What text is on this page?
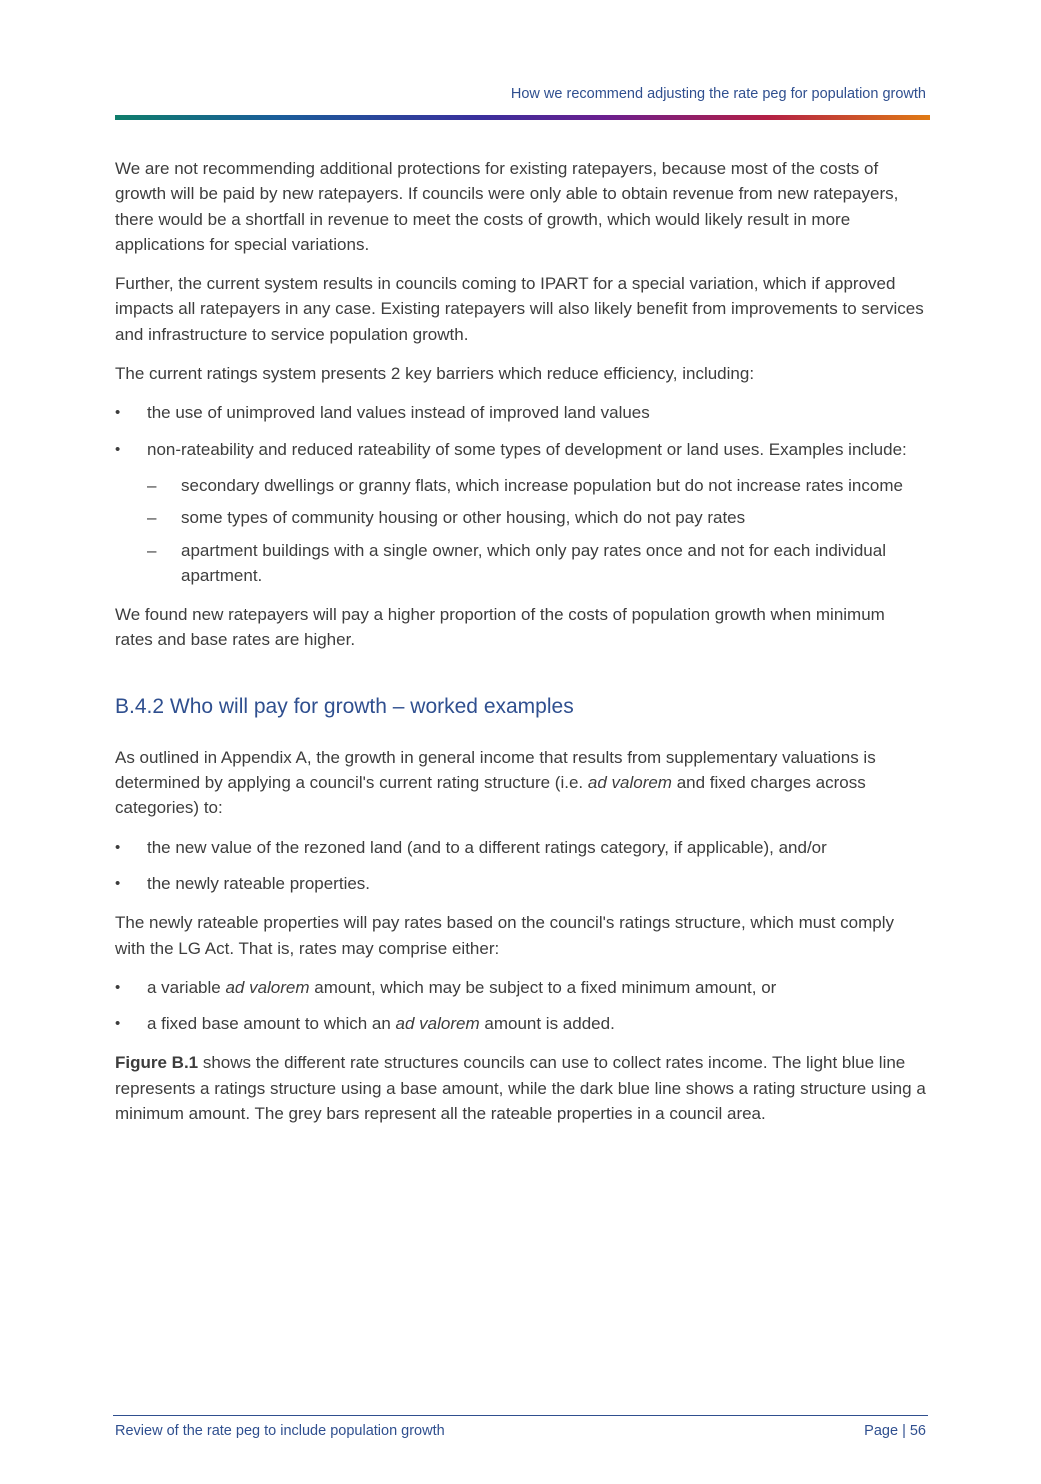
How we recommend adjusting the rate peg for population growth

We are not recommending additional protections for existing ratepayers, because most of the costs of growth will be paid by new ratepayers. If councils were only able to obtain revenue from new ratepayers, there would be a shortfall in revenue to meet the costs of growth, which would likely result in more applications for special variations.

Further, the current system results in councils coming to IPART for a special variation, which if approved impacts all ratepayers in any case. Existing ratepayers will also likely benefit from improvements to services and infrastructure to service population growth.

The current ratings system presents 2 key barriers which reduce efficiency, including:

• the use of unimproved land values instead of improved land values
• non-rateability and reduced rateability of some types of development or land uses. Examples include:
– secondary dwellings or granny flats, which increase population but do not increase rates income
– some types of community housing or other housing, which do not pay rates
– apartment buildings with a single owner, which only pay rates once and not for each individual apartment.

We found new ratepayers will pay a higher proportion of the costs of population growth when minimum rates and base rates are higher.

B.4.2 Who will pay for growth – worked examples

As outlined in Appendix A, the growth in general income that results from supplementary valuations is determined by applying a council's current rating structure (i.e. ad valorem and fixed charges across categories) to:

• the new value of the rezoned land (and to a different ratings category, if applicable), and/or
• the newly rateable properties.

The newly rateable properties will pay rates based on the council's ratings structure, which must comply with the LG Act. That is, rates may comprise either:

• a variable ad valorem amount, which may be subject to a fixed minimum amount, or
• a fixed base amount to which an ad valorem amount is added.

Figure B.1 shows the different rate structures councils can use to collect rates income. The light blue line represents a ratings structure using a base amount, while the dark blue line shows a rating structure using a minimum amount. The grey bars represent all the rateable properties in a council area.

Review of the rate peg to include population growth	Page | 56
